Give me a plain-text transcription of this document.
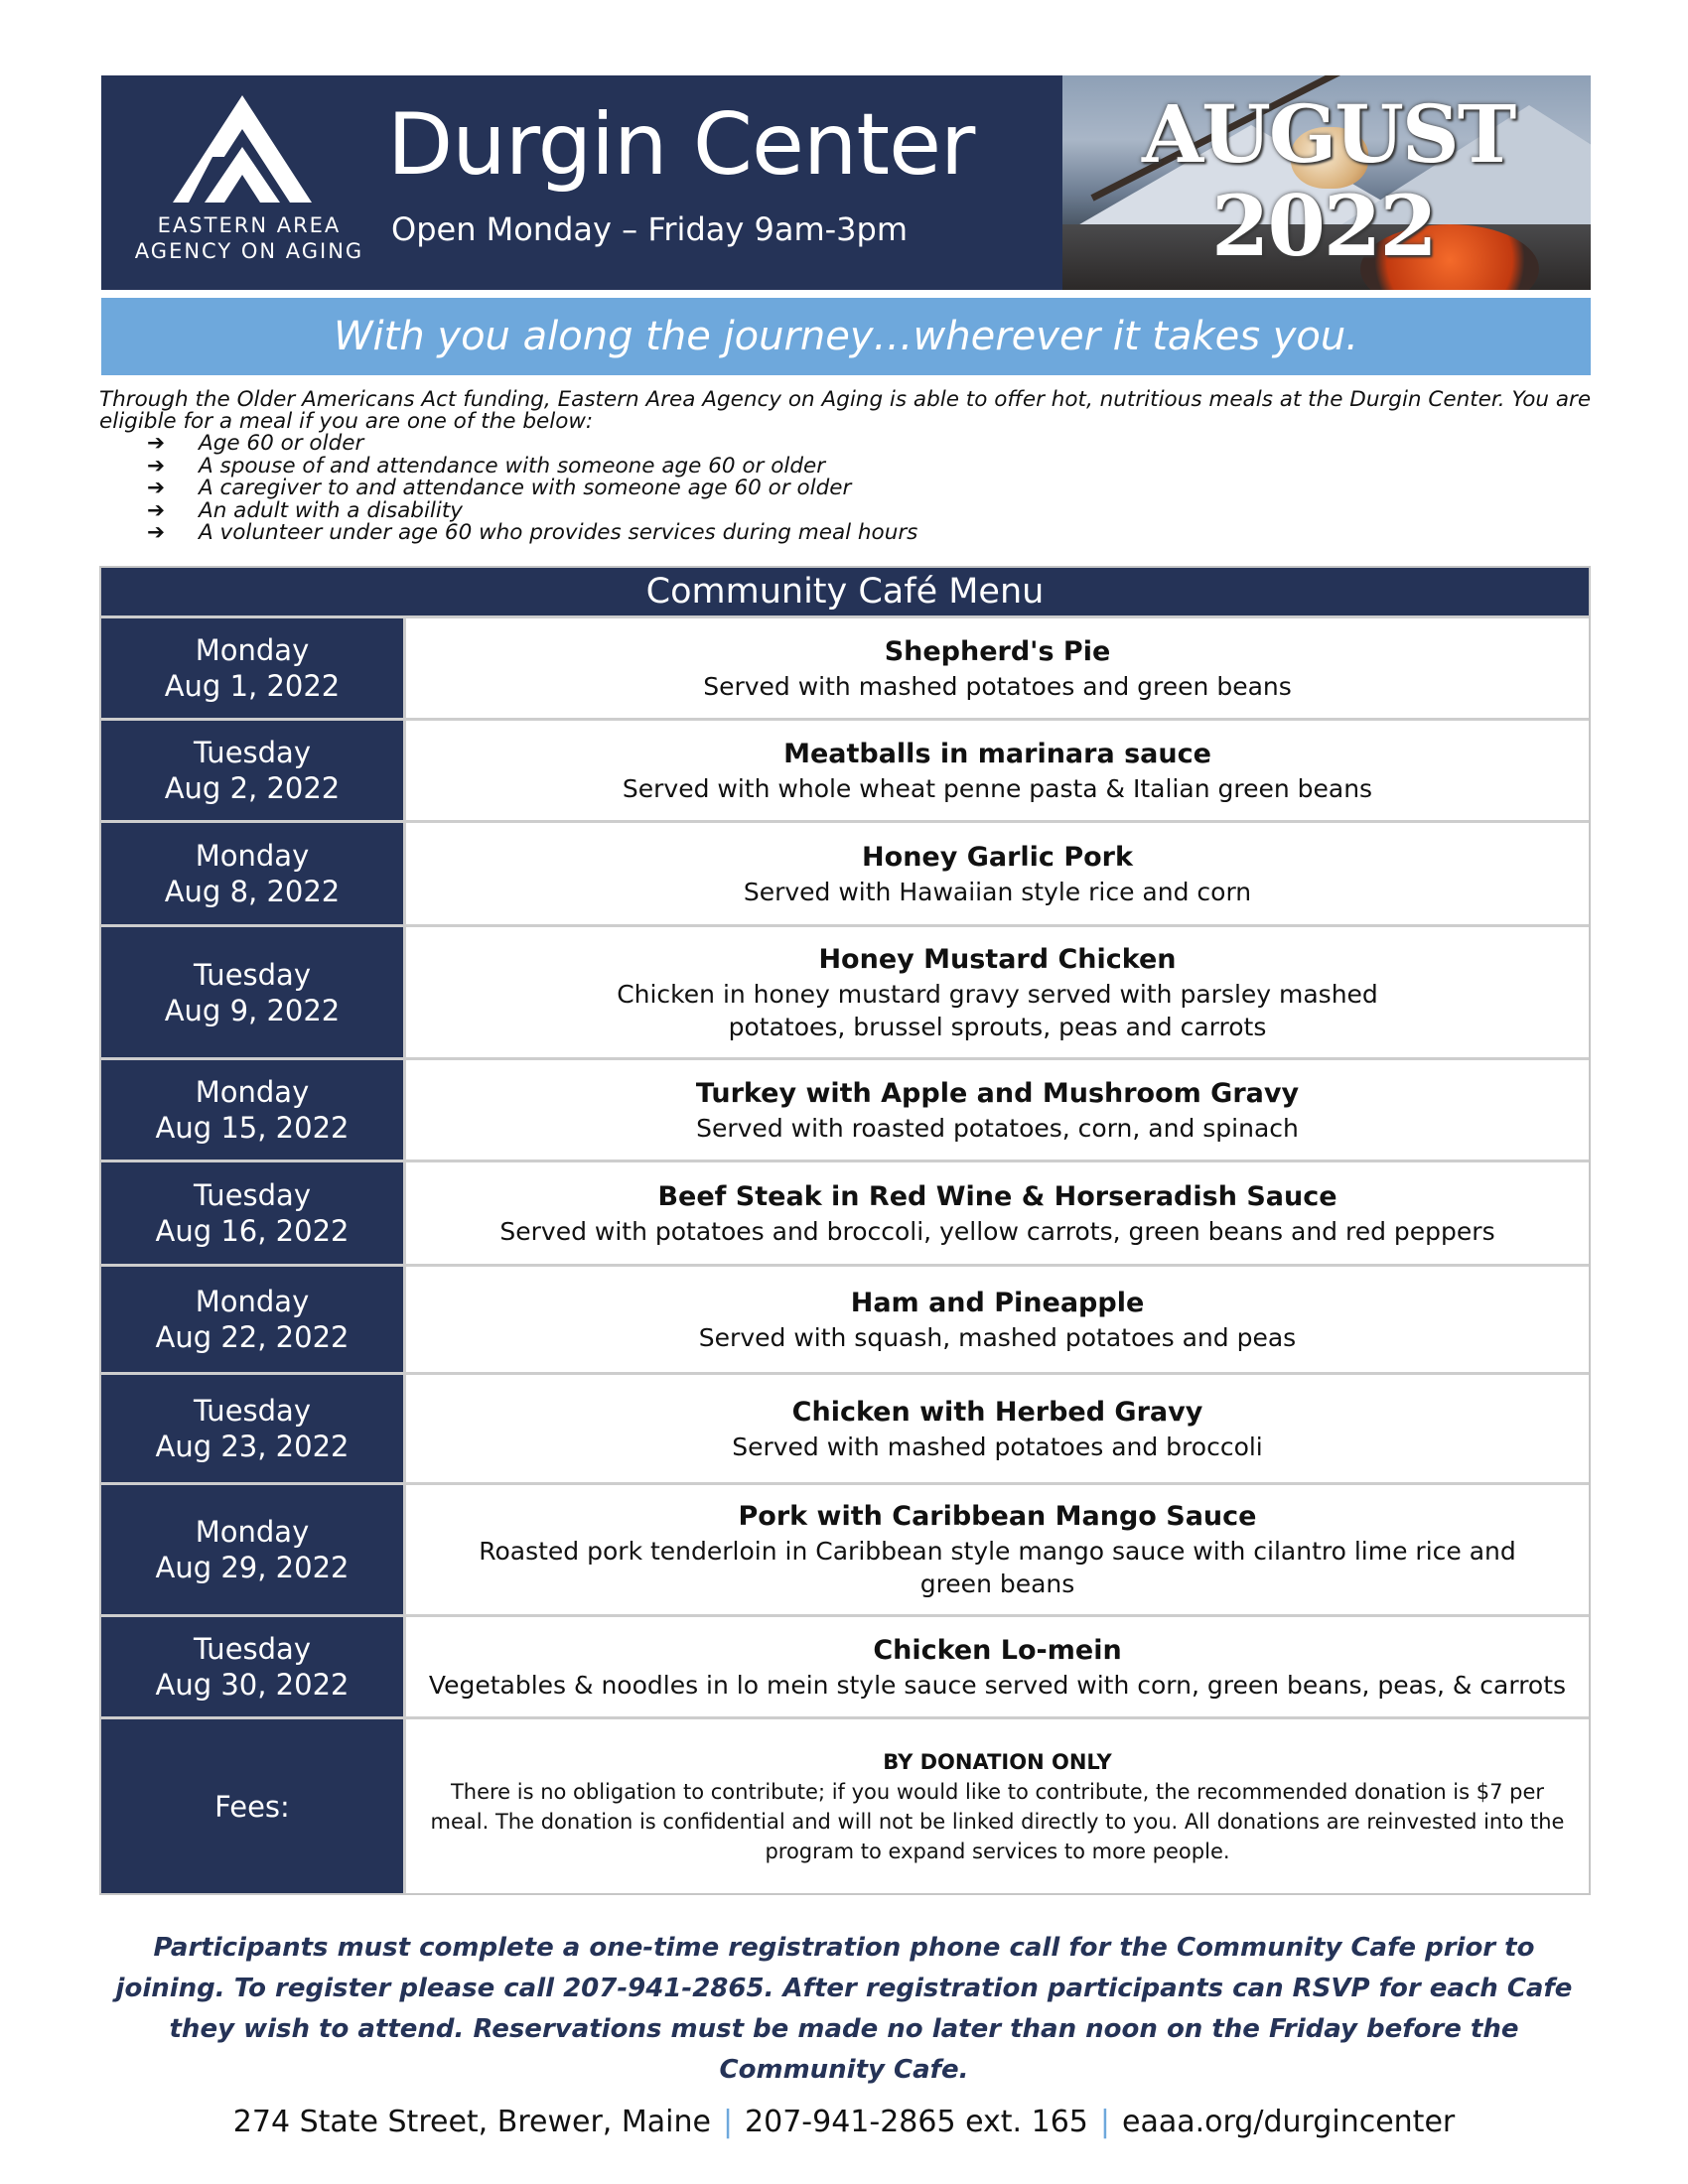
EASTERN AREA
AGENCY ON AGING
Durgin Center
Open Monday – Friday 9am-3pm
AUGUST
2022
With you along the journey…wherever it takes you.
Through the Older Americans Act funding, Eastern Area Agency on Aging is able to offer hot, nutritious meals at the Durgin Center. You are eligible for a meal if you are one of the below:
➔ Age 60 or older
➔ A spouse of and attendance with someone age 60 or older
➔ A caregiver to and attendance with someone age 60 or older
➔ An adult with a disability
➔ A volunteer under age 60 who provides services during meal hours
Community Café Menu
Monday
Aug 1, 2022
Shepherd's Pie
Served with mashed potatoes and green beans
Tuesday
Aug 2, 2022
Meatballs in marinara sauce
Served with whole wheat penne pasta & Italian green beans
Monday
Aug 8, 2022
Honey Garlic Pork
Served with Hawaiian style rice and corn
Tuesday
Aug 9, 2022
Honey Mustard Chicken
Chicken in honey mustard gravy served with parsley mashed potatoes, brussel sprouts, peas and carrots
Monday
Aug 15, 2022
Turkey with Apple and Mushroom Gravy
Served with roasted potatoes, corn, and spinach
Tuesday
Aug 16, 2022
Beef Steak in Red Wine & Horseradish Sauce
Served with potatoes and broccoli, yellow carrots, green beans and red peppers
Monday
Aug 22, 2022
Ham and Pineapple
Served with squash, mashed potatoes and peas
Tuesday
Aug 23, 2022
Chicken with Herbed Gravy
Served with mashed potatoes and broccoli
Monday
Aug 29, 2022
Pork with Caribbean Mango Sauce
Roasted pork tenderloin in Caribbean style mango sauce with cilantro lime rice and green beans
Tuesday
Aug 30, 2022
Chicken Lo-mein
Vegetables & noodles in lo mein style sauce served with corn, green beans, peas, & carrots
Fees:
BY DONATION ONLY
There is no obligation to contribute; if you would like to contribute, the recommended donation is $7 per meal. The donation is confidential and will not be linked directly to you. All donations are reinvested into the program to expand services to more people.
Participants must complete a one-time registration phone call for the Community Cafe prior to joining. To register please call 207-941-2865. After registration participants can RSVP for each Cafe they wish to attend. Reservations must be made no later than noon on the Friday before the Community Cafe.
274 State Street, Brewer, Maine | 207-941-2865 ext. 165 | eaaa.org/durgincenter
